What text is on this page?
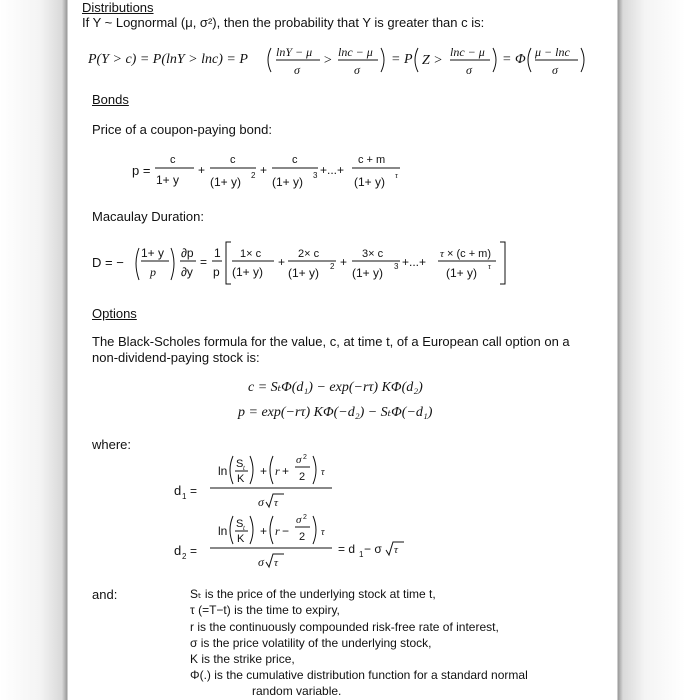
Distributions
If Y ~ Lognormal (μ, σ²), then the probability that Y is greater than c is:
P(Y > c) = P(lnY > lnc) = P lnY − μ
σ
>
lnc − μ
σ
= P Z >
lnc − μ
σ
= Φ μ − lnc
σ
Bonds
Price of a coupon-paying bond:
p =
c
1+ y
+
c
(1+ y) 2 +
c
(1+ y) 3 +...+
c + m
(1+ y) τ
Macaulay Duration:
D = −
1+ y
p
∂p
∂y
=
1
p
1× c
(1+ y)
+
2× c
(1+ y) 2 +
3× c
(1+ y) 3 +...+
τ × (c + m)
(1+ y) τ
Options
The Black-Scholes formula for the value, c, at time t, of a European call option on a
non-dividend-paying stock is:
c = SₜΦ(d₁) − exp(−rτ) KΦ(d₂)
p = exp(−rτ) KΦ(−d₂) − SₜΦ(−d₁)
where:
d 1 =
ln S t
K
+ r +
σ 2
2 τ
σ τ
d 2 =
ln S t
K
+ r −
σ 2
2 τ
σ τ
= d 1 − σ τ
and:	Sₜ is the price of the underlying stock at time t,
τ (=T−t) is the time to expiry,
r is the continuously compounded risk-free rate of interest,
σ is the price volatility of the underlying stock,
K is the strike price,
Φ(.) is the cumulative distribution function for a standard normal
random variable.
